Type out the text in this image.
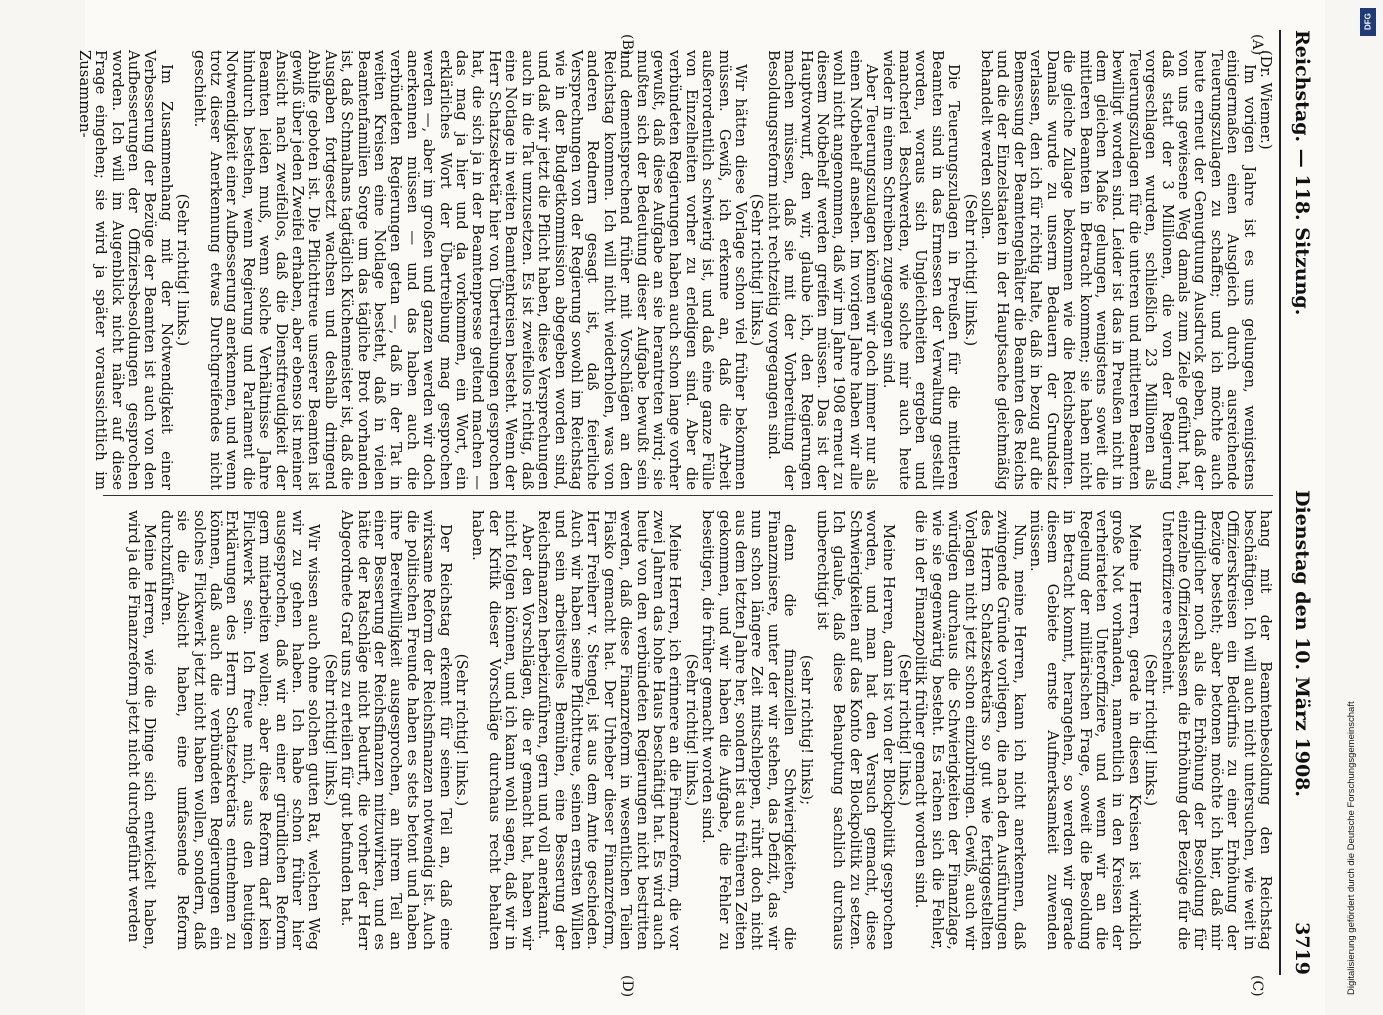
Reichstag. — 118. Sitzung.
Dienstag den 10. März 1908.
3719
(A)
(B)
(C)
(D)

(Dr. Wiemer.)

Im vorigen Jahre ist es uns gelungen, wenigstens einigermaßen einen Ausgleich durch ausreichende Teuerungszulagen zu schaffen; und ich möchte auch heute erneut der Genugtuung Ausdruck geben, daß der von uns gewiesene Weg damals zum Ziele geführt hat, daß statt der 3 Millionen, die von der Regierung vorgeschlagen wurden, schließlich 23 Millionen als Teuerungszulagen für die unteren und mittleren Beamten bewilligt worden sind. Leider ist das in Preußen nicht in dem gleichen Maße gelungen, wenigstens soweit die mittleren Beamten in Betracht kommen; sie haben nicht die gleiche Zulage bekommen wie die Reichsbeamten. Damals wurde zu unserm Bedauern der Grundsatz verlassen, den ich für richtig halte, daß in bezug auf die Bemessung der Beamtengehälter die Beamten des Reichs und die der Einzelstaaten in der Hauptsache gleichmäßig behandelt werden sollen.

(Sehr richtig! links.)

Die Teuerungszulagen in Preußen für die mittleren Beamten sind in das Ermessen der Verwaltung gestellt worden, woraus sich Ungleichheiten ergeben und mancherlei Beschwerden, wie solche mir auch heute wieder in einem Schreiben zugegangen sind.

Aber Teuerungszulagen können wir doch immer nur als einen Notbehelf ansehen. Im vorigen Jahre haben wir alle wohl nicht angenommen, daß wir im Jahre 1908 erneut zu diesem Notbehelf werden greifen müssen. Das ist der Hauptvorwurf, den wir, glaube ich, den Regierungen machen müssen, daß sie mit der Vorbereitung der Besoldungsreform nicht rechtzeitig vorgegangen sind.

(Sehr richtig! links.)

Wir hätten diese Vorlage schon viel früher bekommen müssen. Gewiß, ich erkenne an, daß die Arbeit außerordentlich schwierig ist, und daß eine ganze Fülle von Einzelheiten vorher zu erledigen sind. Aber die verbündeten Regierungen haben auch schon lange vorher gewußt, daß diese Aufgabe an sie herantreten wird; sie mußten sich der Bedeutung dieser Aufgabe bewußt sein und dementsprechend früher mit Vorschlägen an den Reichstag kommen. Ich will nicht wiederholen, was von anderen Rednern gesagt ist, daß feierliche Versprechungen von der Regierung sowohl im Reichstag wie in der Budgetkommission abgegeben worden sind, und daß wir jetzt die Pflicht haben, diese Versprechungen auch in die Tat umzusetzen. Es ist zweifellos richtig, daß eine Notlage in weiten Beamtenkreisen besteht. Wenn der Herr Schatzsekretär hier von Übertreibungen gesprochen hat, die sich ja in der Beamtenpresse geltend machen — das mag ja hier und da vorkommen, ein Wort, ein erklärliches Wort der Übertreibung mag gesprochen werden —, aber im großen und ganzen werden wir doch anerkennen müssen — und das haben auch die verbündeten Regierungen getan —, daß in der Tat in weiten Kreisen eine Notlage besteht, daß in vielen Beamtenfamilien Sorge um das tägliche Brot vorhanden ist, daß Schmalhans tagtäglich Küchenmeister ist, daß die Ausgaben fortgesetzt wachsen und deshalb dringend Abhilfe geboten ist. Die Pflichttreue unserer Beamten ist gewiß über jeden Zweifel erhaben, aber ebenso ist meiner Ansicht nach zweifellos, daß die Dienstfreudigkeit der Beamten leiden muß, wenn solche Verhältnisse Jahre hindurch bestehen, wenn Regierung und Parlament die Notwendigkeit einer Aufbesserung anerkennen, und wenn trotz dieser Anerkennung etwas Durchgreifendes nicht geschieht.

(Sehr richtig! links.)

Im Zusammenhang mit der Notwendigkeit einer Verbesserung der Bezüge der Beamten ist auch von den Aufbesserungen der Offiziersbesoldungen gesprochen worden. Ich will im Augenblick nicht näher auf diese Frage eingehen; sie wird ja später voraussichtlich im Zusammen-

hang mit der Beamtenbesoldung den Reichstag beschäftigen. Ich will auch nicht untersuchen, wie weit in Offizierskreisen ein Bedürfnis zu einer Erhöhung der Bezüge besteht; aber betonen möchte ich hier, daß mir dringlicher noch als die Erhöhung der Besoldung für einzelne Offiziersklassen die Erhöhung der Bezüge für die Unteroffiziere erscheint.

(Sehr richtig! links.)

Meine Herren, gerade in diesen Kreisen ist wirklich große Not vorhanden, namentlich in den Kreisen der verheirateten Unteroffiziere, und wenn wir an die Regelung der militärischen Frage, soweit die Besoldung in Betracht kommt, herangehen, so werden wir gerade diesem Gebiete ernste Aufmerksamkeit zuwenden müssen.

Nun, meine Herren, kann ich nicht anerkennen, daß zwingende Gründe vorliegen, die nach den Ausführungen des Herrn Schatzsekretärs so gut wie fertiggestellten Vorlagen nicht jetzt schon einzubringen. Gewiß, auch wir würdigen durchaus die Schwierigkeiten der Finanzlage, wie sie gegenwärtig besteht. Es rächen sich die Fehler, die in der Finanzpolitik früher gemacht worden sind.

(Sehr richtig! links.)

Meine Herren, dann ist von der Blockpolitik gesprochen worden, und man hat den Versuch gemacht, diese Schwierigkeiten auf das Konto der Blockpolitik zu setzen. Ich glaube, daß diese Behauptung sachlich durchaus unberechtigt ist

(sehr richtig! links);

denn die finanziellen Schwierigkeiten, die Finanzmisere, unter der wir stehen, das Defizit, das wir nun schon längere Zeit mitschleppen, rührt doch nicht aus dem letzten Jahre her, sondern ist aus früheren Zeiten gekommen, und wir haben die Aufgabe, die Fehler zu beseitigen, die früher gemacht worden sind.

(Sehr richtig! links.)

Meine Herren, ich erinnere an die Finanzreform, die vor zwei Jahren das hohe Haus beschäftigt hat. Es wird auch heute von den verbündeten Regierungen nicht bestritten werden, daß diese Finanzreform in wesentlichen Teilen Fiasko gemacht hat. Der Urheber dieser Finanzreform, Herr Freiherr v. Stengel, ist aus dem Amte geschieden. Auch wir haben seine Pflichttreue, seinen ernsten Willen und sein arbeitsvolles Bemühen, eine Besserung der Reichsfinanzen herbeizuführen, gern und voll anerkannt.

Aber den Vorschlägen, die er gemacht hat, haben wir nicht folgen können, und ich kann wohl sagen, daß wir in der Kritik dieser Vorschläge durchaus recht behalten haben.

(Sehr richtig! links.)

Der Reichstag erkennt für seinen Teil an, daß eine wirksame Reform der Reichsfinanzen notwendig ist. Auch die politischen Freunde haben es stets betont und haben ihre Bereitwilligkeit ausgesprochen, an ihrem Teil an einer Besserung der Reichsfinanzen mitzuwirken, und es hätte der Ratschläge nicht bedurft, die vorher der Herr Abgeordnete Graf uns zu erteilen für gut befunden hat.

(Sehr richtig! links.)

Wir wissen auch ohne solchen guten Rat, welchen Weg wir zu gehen haben. Ich habe schon früher hier ausgesprochen, daß wir an einer gründlichen Reform gern mitarbeiten wollen; aber diese Reform darf kein Flickwerk sein. Ich freue mich, aus den heutigen Erklärungen des Herrn Schatzsekretärs entnehmen zu können, daß auch die verbündeten Regierungen ein solches Flickwerk jetzt nicht haben wollen, sondern, daß sie die Absicht haben, eine umfassende Reform durchzuführen.

Meine Herren, wie die Dinge sich entwickelt haben, wird ja die Finanzreform jetzt nicht durchgeführt werden

DFG
Digitalisierung gefördert durch die Deutsche Forschungsgemeinschaft
